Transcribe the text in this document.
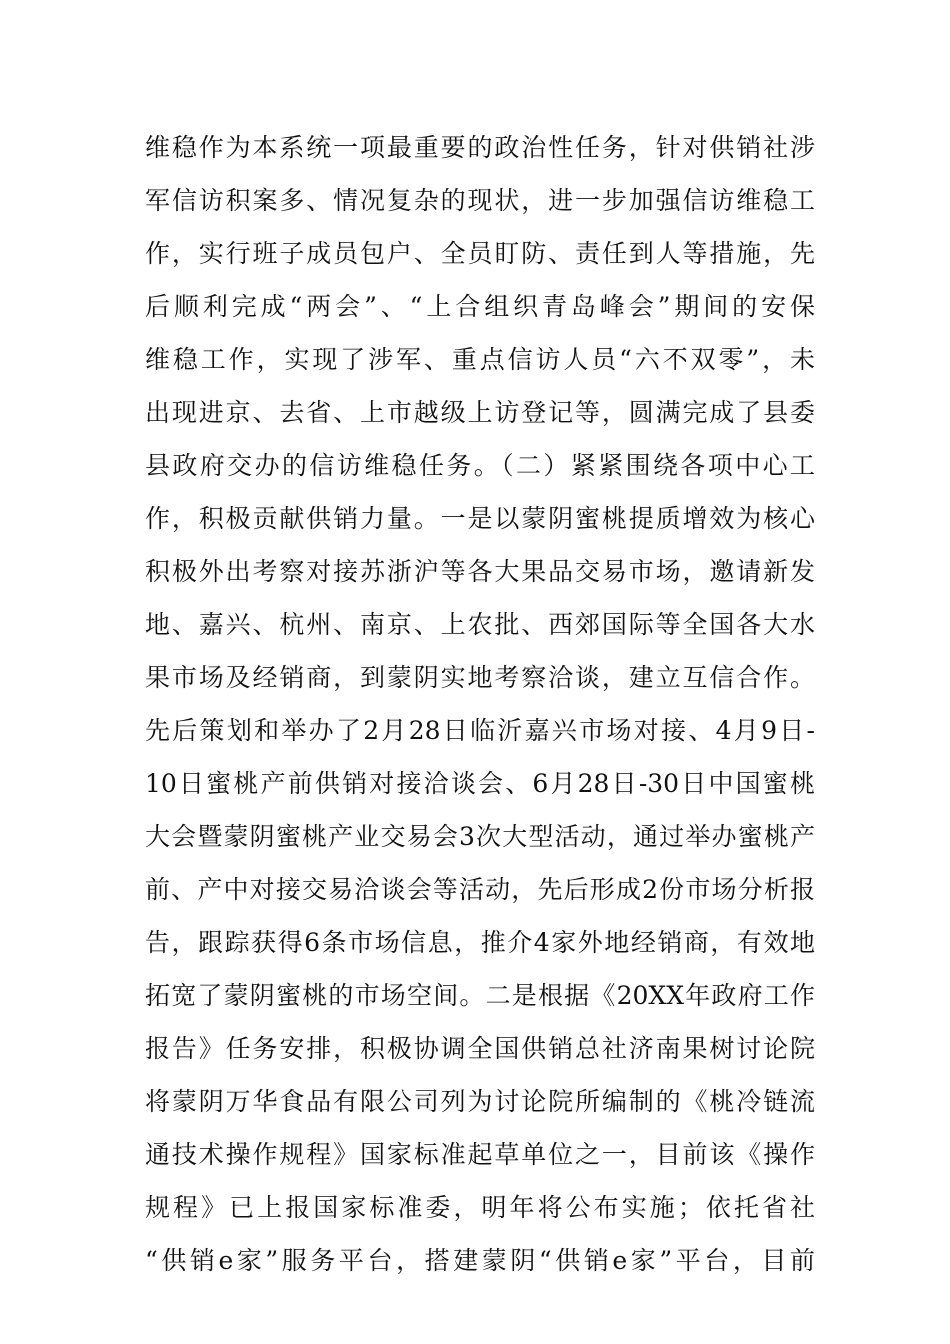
维稳作为本系统一项最重要的政治性任务，针对供销社涉
军信访积案多、情况复杂的现状，进一步加强信访维稳工
作，实行班子成员包户、全员盯防、责任到人等措施，先
后顺利完成“两会”、“上合组织青岛峰会”期间的安保
维稳工作，实现了涉军、重点信访人员“六不双零”，未
出现进京、去省、上市越级上访登记等，圆满完成了县委
县政府交办的信访维稳任务。（二）紧紧围绕各项中心工
作，积极贡献供销力量。一是以蒙阴蜜桃提质增效为核心
积极外出考察对接苏浙沪等各大果品交易市场，邀请新发
地、嘉兴、杭州、南京、上农批、西郊国际等全国各大水
果市场及经销商，到蒙阴实地考察洽谈，建立互信合作。
先后策划和举办了2月28日临沂嘉兴市场对接、4月9日-
10日蜜桃产前供销对接洽谈会、6月28日-30日中国蜜桃
大会暨蒙阴蜜桃产业交易会3次大型活动，通过举办蜜桃产
前、产中对接交易洽谈会等活动，先后形成2份市场分析报
告，跟踪获得6条市场信息，推介4家外地经销商，有效地
拓宽了蒙阴蜜桃的市场空间。二是根据《20XX年政府工作
报告》任务安排，积极协调全国供销总社济南果树讨论院
将蒙阴万华食品有限公司列为讨论院所编制的《桃冷链流
通技术操作规程》国家标准起草单位之一，目前该《操作
规程》已上报国家标准委，明年将公布实施；依托省社
“供销e家”服务平台，搭建蒙阴“供销e家”平台，目前
